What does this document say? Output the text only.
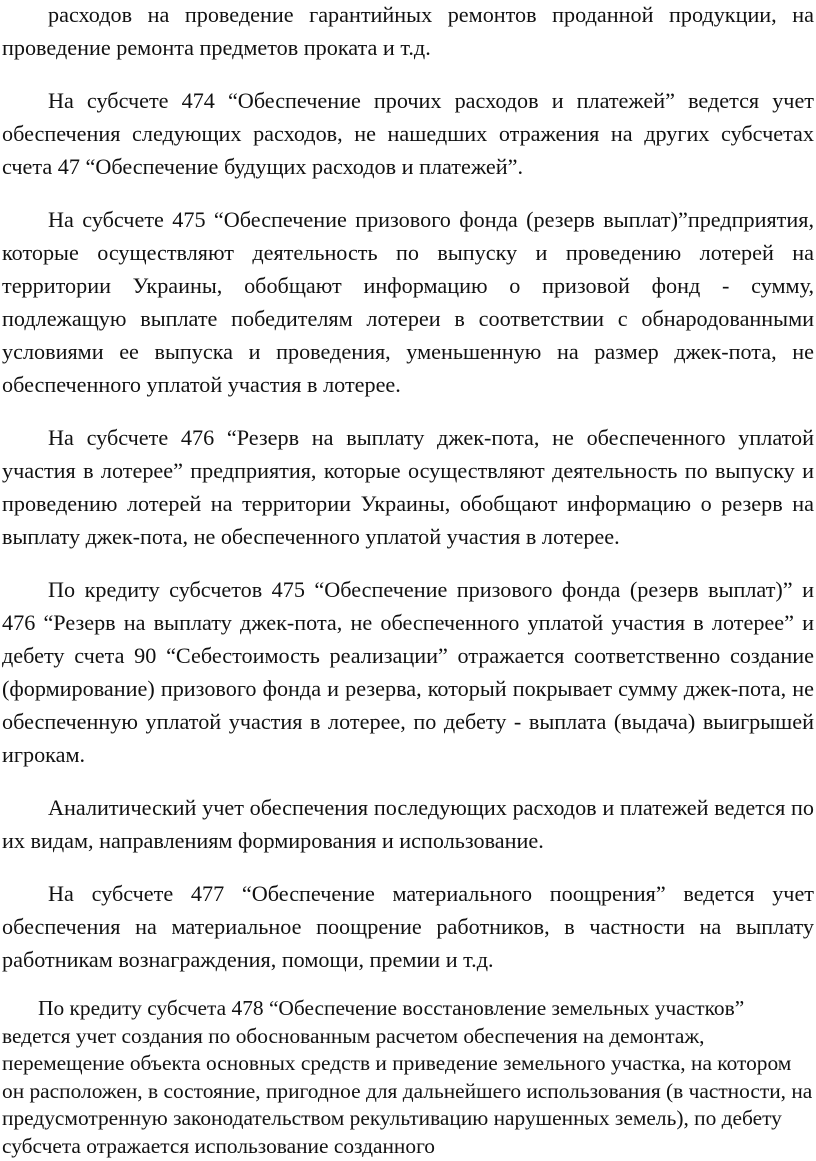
расходов на проведение гарантийных ремонтов проданной продукции, на проведение ремонта предметов проката и т.д.

На субсчете 474 “Обеспечение прочих расходов и платежей” ведется учет обеспечения следующих расходов, не нашедших отражения на других субсчетах счета 47 “Обеспечение будущих расходов и платежей”.

На субсчете 475 “Обеспечение призового фонда (резерв выплат)”предприятия, которые осуществляют деятельность по выпуску и проведению лотерей на территории Украины, обобщают информацию о призовой фонд - сумму, подлежащую выплате победителям лотереи в соответствии с обнародованными условиями ее выпуска и проведения, уменьшенную на размер джек-пота, не обеспеченного уплатой участия в лотерее.

На субсчете 476 “Резерв на выплату джек-пота, не обеспеченного уплатой участия в лотерее” предприятия, которые осуществляют деятельность по выпуску и проведению лотерей на территории Украины, обобщают информацию о резерв на выплату джек-пота, не обеспеченного уплатой участия в лотерее.

По кредиту субсчетов 475 “Обеспечение призового фонда (резерв выплат)” и 476 “Резерв на выплату джек-пота, не обеспеченного уплатой участия в лотерее” и дебету счета 90 “Себестоимость реализации” отражается соответственно создание (формирование) призового фонда и резерва, который покрывает сумму джек-пота, не обеспеченную уплатой участия в лотерее, по дебету - выплата (выдача) выигрышей игрокам.

Аналитический учет обеспечения последующих расходов и платежей ведется по их видам, направлениям формирования и использование.

На субсчете 477 “Обеспечение материального поощрения” ведется учет обеспечения на материальное поощрение работников, в частности на выплату работникам вознаграждения, помощи, премии и т.д.

По кредиту субсчета 478 “Обеспечение восстановление земельных участков” ведется учет создания по обоснованным расчетом обеспечения на демонтаж, перемещение объекта основных средств и приведение земельного участка, на котором он расположен, в состояние, пригодное для дальнейшего использования (в частности, на предусмотренную законодательством рекультивацию нарушенных земель), по дебету субсчета отражается использование созданного
